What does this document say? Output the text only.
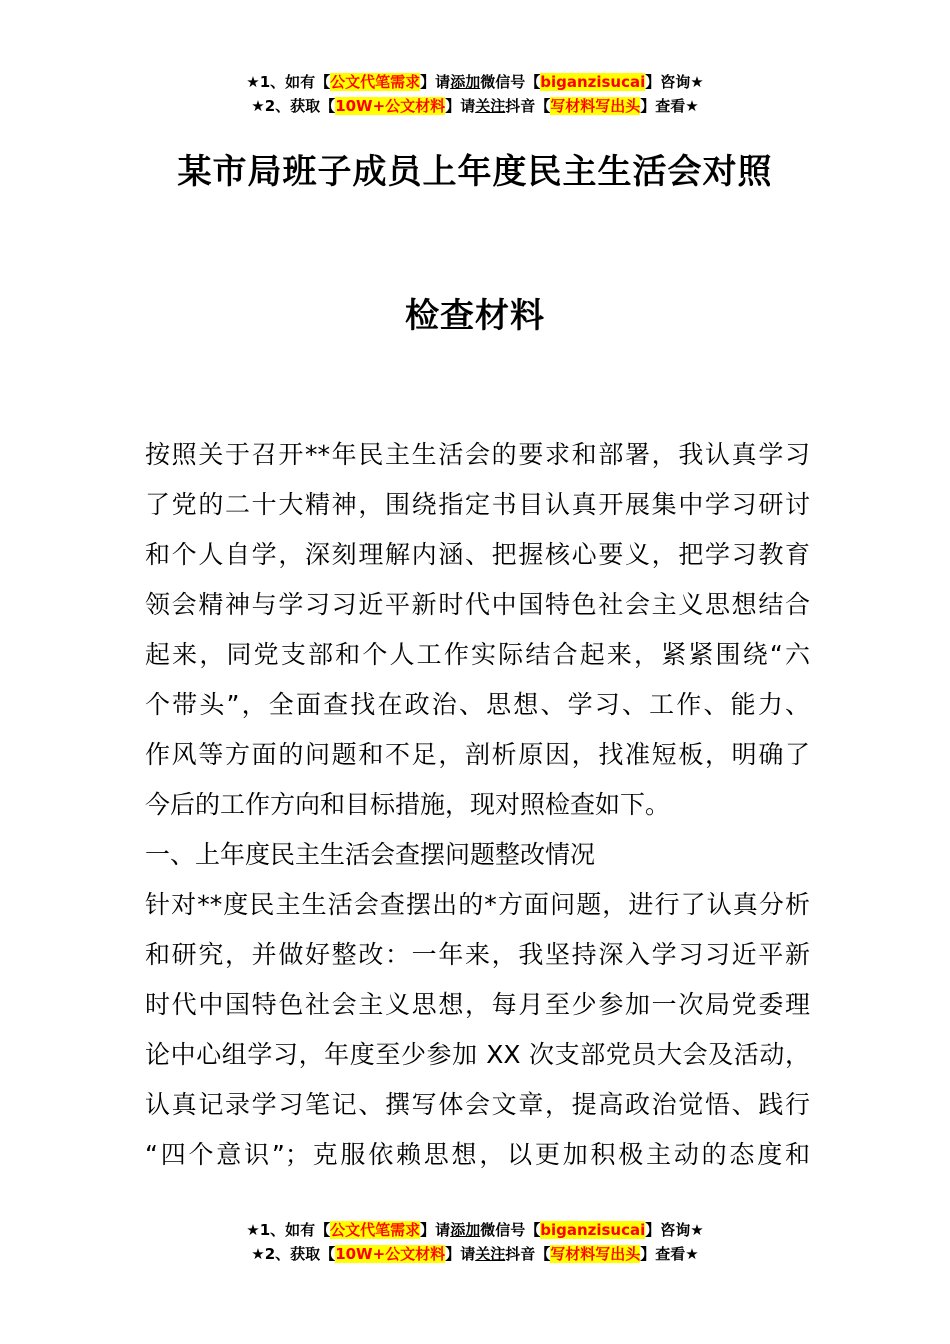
★1、如有【公文代笔需求】请添加微信号【biganzisucai】咨询★
★2、获取【10W+公文材料】请关注抖音【写材料写出头】查看★
某市局班子成员上年度民主生活会对照
检查材料
按照关于召开**年民主生活会的要求和部署，我认真学习
了党的二十大精神，围绕指定书目认真开展集中学习研讨
和个人自学，深刻理解内涵、把握核心要义，把学习教育
领会精神与学习习近平新时代中国特色社会主义思想结合
起来，同党支部和个人工作实际结合起来，紧紧围绕“六
个带头”，全面查找在政治、思想、学习、工作、能力、
作风等方面的问题和不足，剖析原因，找准短板，明确了
今后的工作方向和目标措施，现对照检查如下。
一、上年度民主生活会查摆问题整改情况
针对**度民主生活会查摆出的*方面问题，进行了认真分析
和研究，并做好整改：一年来，我坚持深入学习习近平新
时代中国特色社会主义思想，每月至少参加一次局党委理
论中心组学习，年度至少参加 XX 次支部党员大会及活动，
认真记录学习笔记、撰写体会文章，提高政治觉悟、践行
“四个意识”；克服依赖思想，以更加积极主动的态度和
★1、如有【公文代笔需求】请添加微信号【biganzisucai】咨询★
★2、获取【10W+公文材料】请关注抖音【写材料写出头】查看★
